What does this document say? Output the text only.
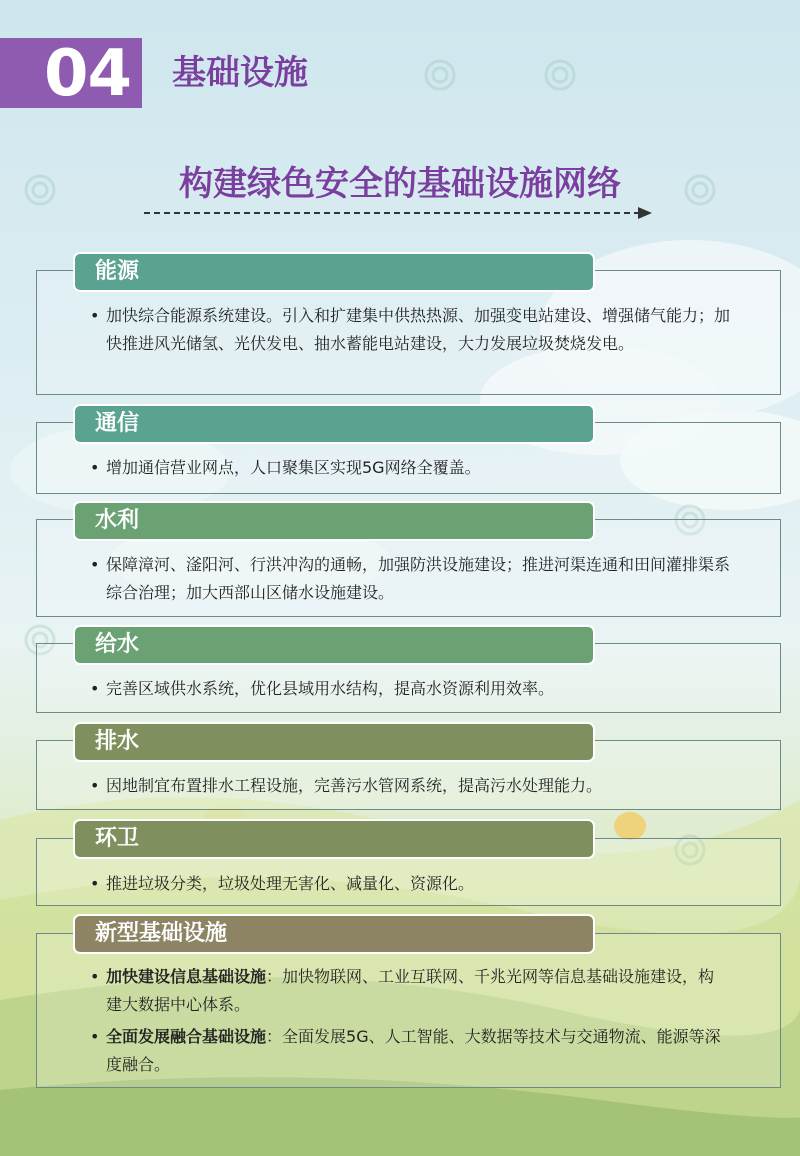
04 基础设施
构建绿色安全的基础设施网络
能源
• 加快综合能源系统建设。引入和扩建集中供热热源、加强变电站建设、增强储气能力；加快推进风光储氢、光伏发电、抽水蓄能电站建设，大力发展垃圾焚烧发电。
通信
• 增加通信营业网点，人口聚集区实现5G网络全覆盖。
水利
• 保障漳河、滏阳河、行洪冲沟的通畅，加强防洪设施建设；推进河渠连通和田间灌排渠系综合治理；加大西部山区储水设施建设。
给水
• 完善区域供水系统，优化县域用水结构，提高水资源利用效率。
排水
• 因地制宜布置排水工程设施，完善污水管网系统，提高污水处理能力。
环卫
• 推进垃圾分类，垃圾处理无害化、减量化、资源化。
新型基础设施
• 加快建设信息基础设施：加快物联网、工业互联网、千兆光网等信息基础设施建设，构建大数据中心体系。
• 全面发展融合基础设施：全面发展5G、人工智能、大数据等技术与交通物流、能源等深度融合。
